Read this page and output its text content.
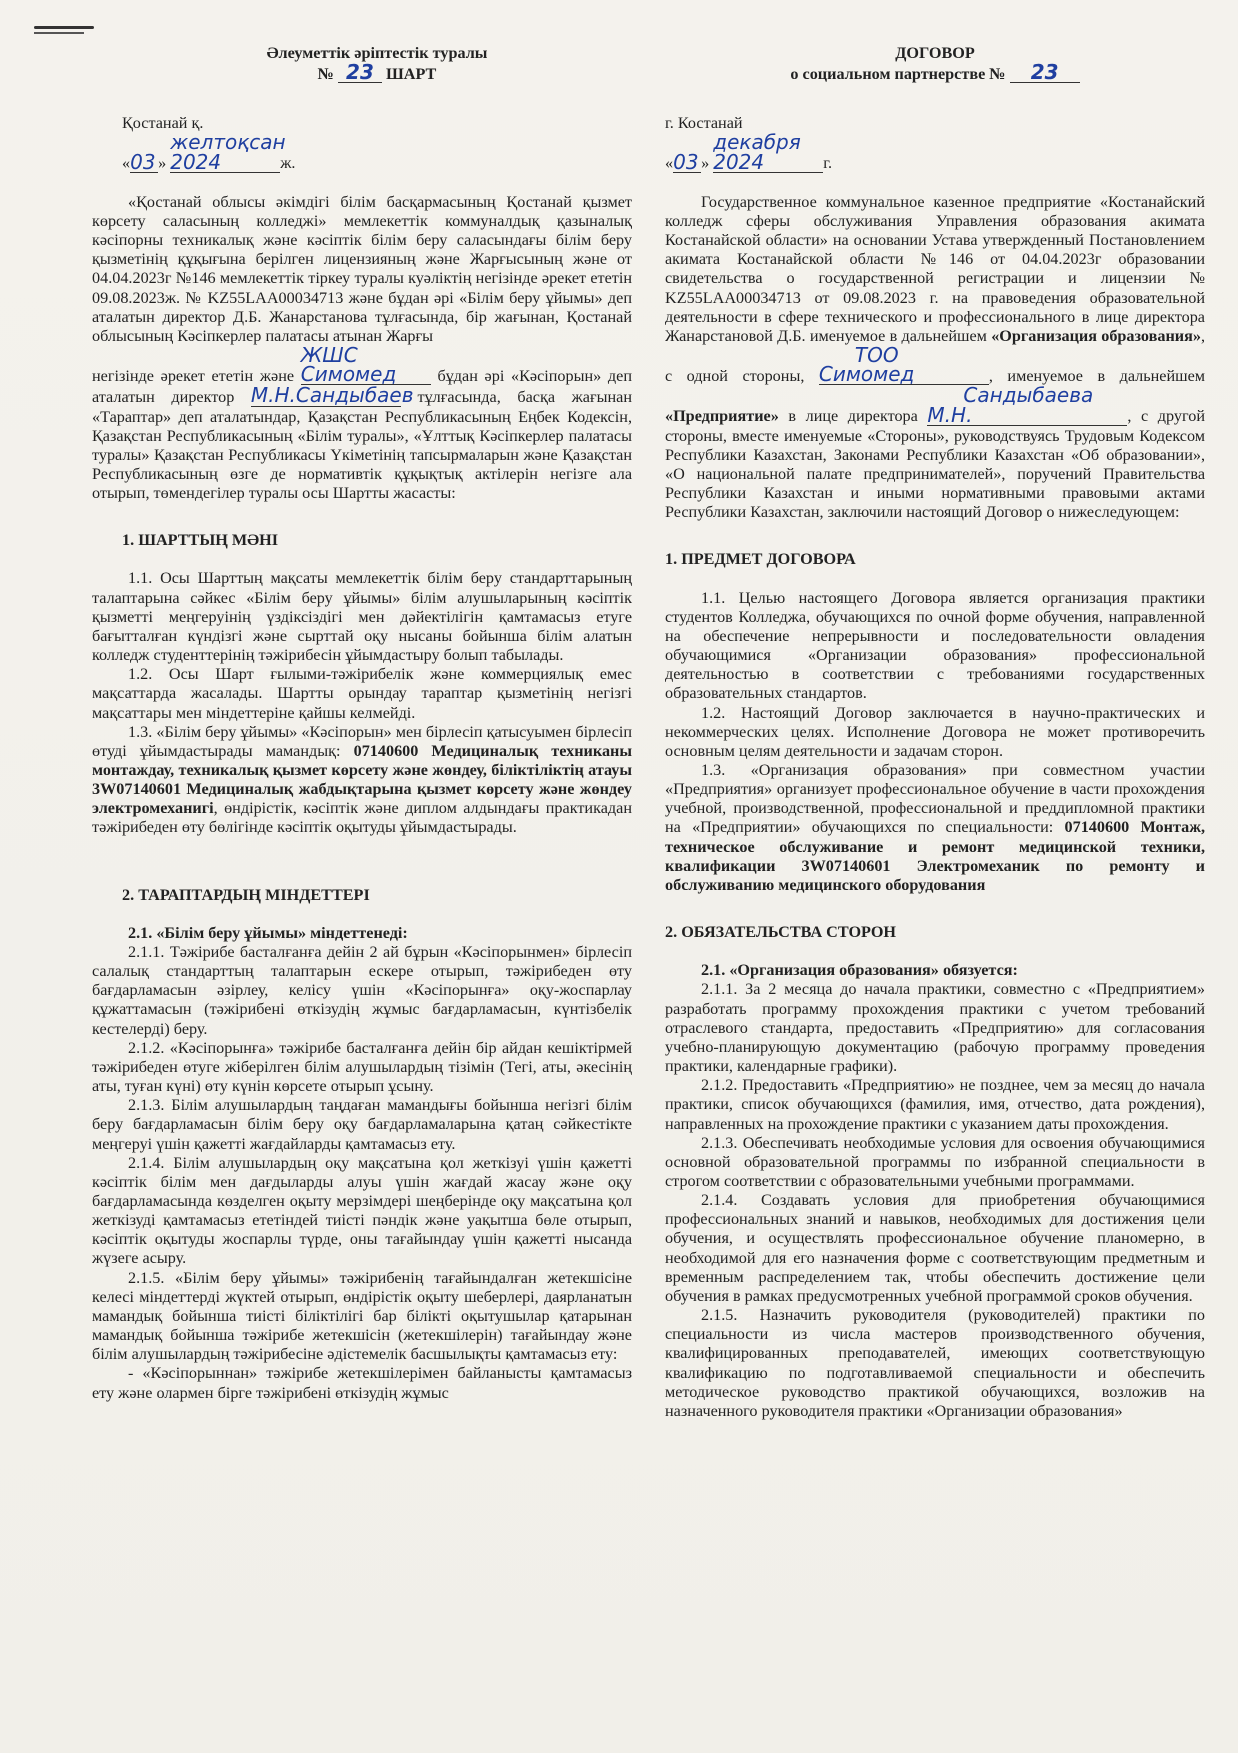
Әлеуметтік әріптестік туралы
№ 23 ШАРТ

Қостанай қ.

«03 » желтоқсан 2024	ж.

«Қостанай облысы әкімдігі білім басқармасының Қостанай қызмет көрсету саласының колледжі» мемлекеттік коммуналдық қазыналық кәсіпорны техникалық және кәсіптік білім беру саласындағы білім беру қызметінің құқығына берілген лицензияның және Жарғысының және от 04.04.2023г №146 мемлекеттік тіркеу туралы куәліктің негізінде әрекет ететін 09.08.2023ж. № KZ55LAA00034713 және бұдан әрі «Білім беру ұйымы» деп аталатын директор Д.Б. Жанарстанова тұлғасында, бір жағынан, Қостанай облысының Кәсіпкерлер палатасы атынан Жарғы

негізінде әрекет ететін және ЖШС Симомед	бұдан әрі «Кәсіпорын» деп аталатын директор М.Н.Сандыбаев тұлғасында, басқа жағынан «Тараптар» деп аталатындар, Қазақстан Республикасының Еңбек Кодексін, Қазақстан Республикасының «Білім туралы», «Ұлттық Кәсіпкерлер палатасы туралы» Қазақстан Республикасы Үкіметінің тапсырмаларын және Қазақстан Республикасының өзге де нормативтік құқықтық актілерін негізге ала отырып, төмендегілер туралы осы Шартты жасасты:

1. ШАРТТЫҢ МӘНІ

1.1. Осы Шарттың мақсаты мемлекеттік білім беру стандарттарының талаптарына сәйкес «Білім беру ұйымы» білім алушыларының кәсіптік қызметті меңгеруінің үздіксіздігі мен дәйектілігін қамтамасыз етуге бағытталған күндізгі және сырттай оқу нысаны бойынша білім алатын колледж студенттерінің тәжірибесін ұйымдастыру болып табылады.

1.2. Осы Шарт ғылыми-тәжірибелік және коммерциялық емес мақсаттарда жасалады. Шартты орындау тараптар қызметінің негізгі мақсаттары мен міндеттеріне қайшы келмейді.

1.3. «Білім беру ұйымы» «Кәсіпорын» мен бірлесіп қатысуымен бірлесіп өтуді ұйымдастырады мамандық: 07140600 Медициналық техниканы монтаждау, техникалық қызмет көрсету және жөндеу, біліктіліктің атауы 3W07140601 Медициналық жабдықтарына қызмет көрсету және жөндеу электромеханигі, өндірістік, кәсіптік және диплом алдындағы практикадан тәжірибеден өту бөлігінде кәсіптік оқытуды ұйымдастырады.

2. ТАРАПТАРДЫҢ МІНДЕТТЕРІ

2.1. «Білім беру ұйымы» міндеттенеді:

2.1.1. Тәжірибе басталғанға дейін 2 ай бұрын «Кәсіпорынмен» бірлесіп салалық стандарттың талаптарын ескере отырып, тәжірибеден өту бағдарламасын әзірлеу, келісу үшін «Кәсіпорынға» оқу-жоспарлау құжаттамасын (тәжірибені өткізудің жұмыс бағдарламасын, күнтізбелік кестелерді) беру.

2.1.2. «Кәсіпорынға» тәжірибе басталғанға дейін бір айдан кешіктірмей тәжірибеден өтуге жіберілген білім алушылардың тізімін (Тегі, аты, әкесінің аты, туған күні) өту күнін көрсете отырып ұсыну.

2.1.3. Білім алушылардың таңдаған мамандығы бойынша негізгі білім беру бағдарламасын білім беру оқу бағдарламаларына қатаң сәйкестікте меңгеруі үшін қажетті жағдайларды қамтамасыз ету.

2.1.4. Білім алушылардың оқу мақсатына қол жеткізуі үшін қажетті кәсіптік білім мен дағдыларды алуы үшін жағдай жасау және оқу бағдарламасында көзделген оқыту мерзімдері шеңберінде оқу мақсатына қол жеткізуді қамтамасыз ететіндей тиісті пәндік және уақытша бөле отырып, кәсіптік оқытуды жоспарлы түрде, оны тағайындау үшін қажетті нысанда жүзеге асыру.

2.1.5. «Білім беру ұйымы» тәжірибенің тағайындалған жетекшісіне келесі міндеттерді жүктей отырып, өндірістік оқыту шеберлері, даярланатын мамандық бойынша тиісті біліктілігі бар білікті оқытушылар қатарынан мамандық бойынша тәжірибе жетекшісін (жетекшілерін) тағайындау және білім алушылардың тәжірибесіне әдістемелік басшылықты қамтамасыз ету:

- «Кәсіпорыннан» тәжірибе жетекшілерімен байланысты қамтамасыз ету және олармен бірге тәжірибені өткізудің жұмыс

ДОГОВОР
о социальном партнерстве № 23

г. Костанай

«03 » декабря 2024	г.

Государственное коммунальное казенное предприятие «Костанайский колледж сферы обслуживания Управления образования акимата Костанайской области» на основании Устава утвержденный Постановлением акимата Костанайской области №146 от 04.04.2023г образовании свидетельства о государственной регистрации и лицензии № KZ55LAA00034713 от 09.08.2023 г. на правоведения образовательной деятельности в сфере технического и профессионального в лице директора Жанарстановой Д.Б. именуемое в дальнейшем «Организация образования», с одной стороны, ТОО Симомед	, именуемое в дальнейшем «Предприятие» в лице директора Сандыбаева М.Н.	, с другой стороны, вместе именуемые «Стороны», руководствуясь Трудовым Кодексом Республики Казахстан, Законами Республики Казахстан «Об образовании», «О национальной палате предпринимателей», поручений Правительства Республики Казахстан и иными нормативными правовыми актами Республики Казахстан, заключили настоящий Договор о нижеследующем:

1. ПРЕДМЕТ ДОГОВОРА

1.1. Целью настоящего Договора является организация практики студентов Колледжа, обучающихся по очной форме обучения, направленной на обеспечение непрерывности и последовательности овладения обучающимися «Организации образования» профессиональной деятельностью в соответствии с требованиями государственных образовательных стандартов.

1.2. Настоящий Договор заключается в научно-практических и некоммерческих целях. Исполнение Договора не может противоречить основным целям деятельности и задачам сторон.

1.3. «Организация образования» при совместном участии «Предприятия» организует профессиональное обучение в части прохождения учебной, производственной, профессиональной и преддипломной практики на «Предприятии» обучающихся по специальности: 07140600 Монтаж, техническое обслуживание и ремонт медицинской техники, квалификации 3W07140601 Электромеханик по ремонту и обслуживанию медицинского оборудования

2. ОБЯЗАТЕЛЬСТВА СТОРОН

2.1. «Организация образования» обязуется:

2.1.1. За 2 месяца до начала практики, совместно с «Предприятием» разработать программу прохождения практики с учетом требований отраслевого стандарта, предоставить «Предприятию» для согласования учебно-планирующую документацию (рабочую программу проведения практики, календарные графики).

2.1.2. Предоставить «Предприятию» не позднее, чем за месяц до начала практики, список обучающихся (фамилия, имя, отчество, дата рождения), направленных на прохождение практики с указанием даты прохождения.

2.1.3. Обеспечивать необходимые условия для освоения обучающимися основной образовательной программы по избранной специальности в строгом соответствии с образовательными учебными программами.

2.1.4. Создавать условия для приобретения обучающимися профессиональных знаний и навыков, необходимых для достижения цели обучения, и осуществлять профессиональное обучение планомерно, в необходимой для его назначения форме с соответствующим предметным и временным распределением так, чтобы обеспечить достижение цели обучения в рамках предусмотренных учебной программой сроков обучения.

2.1.5. Назначить руководителя (руководителей) практики по специальности из числа мастеров производственного обучения, квалифицированных преподавателей, имеющих соответствующую квалификацию по подготавливаемой специальности и обеспечить методическое руководство практикой обучающихся, возложив на назначенного руководителя практики «Организации образования»
